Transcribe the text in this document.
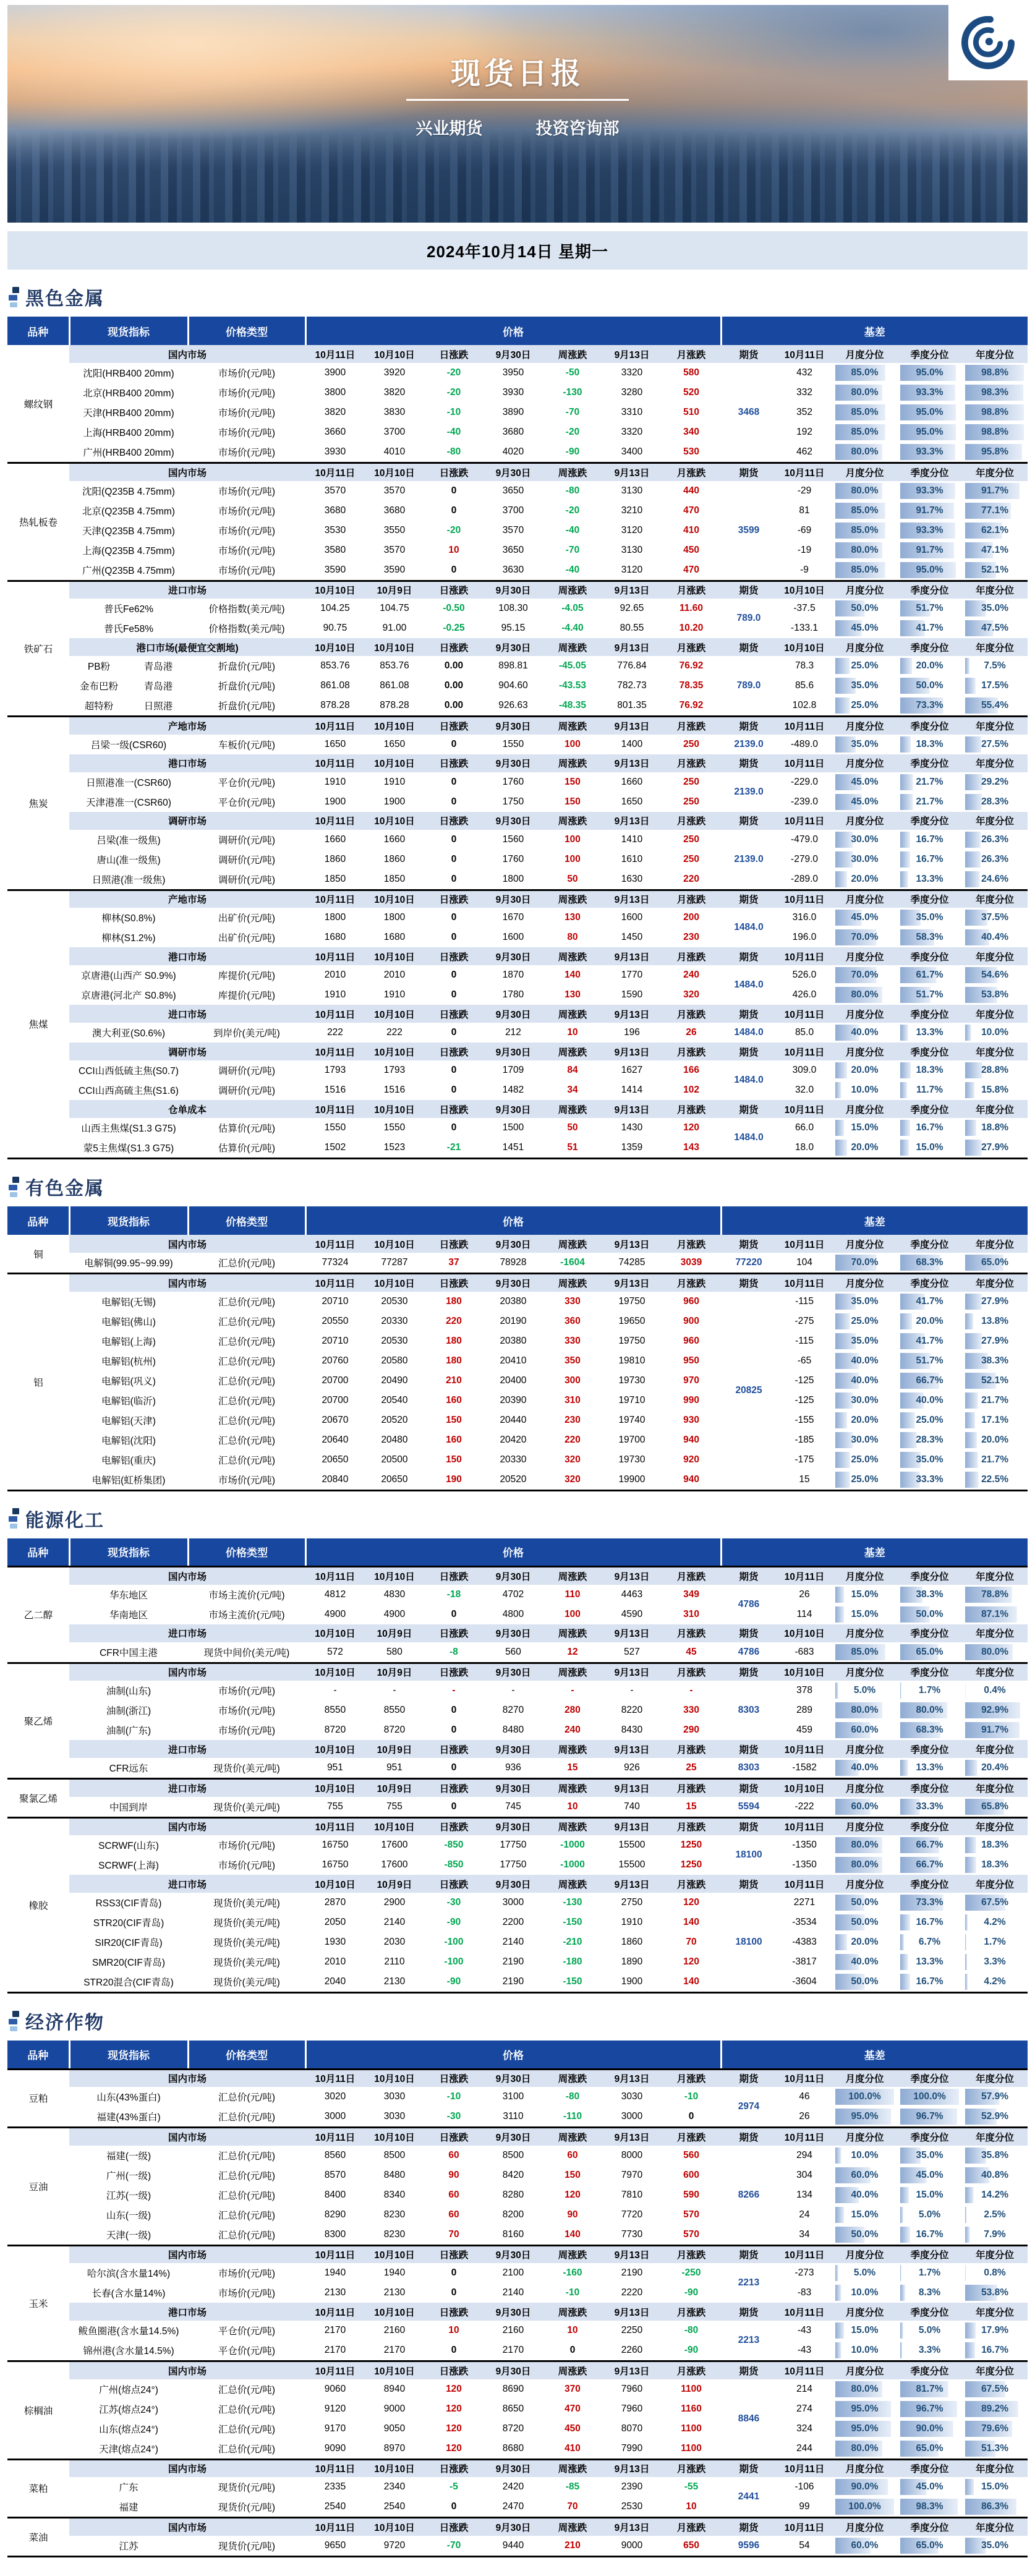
现货日报
兴业期货	投资咨询部
2024年10月14日 星期一
黑色金属
品种	现货指标	价格类型	价格							基差				
螺纹钢	国内市场		10月11日	10月10日	日涨跌	9月30日	周涨跌	9月13日	月涨跌	期货	10月11日	月度分位	季度分位	年度分位
	沈阳(HRB400 20mm)	市场价(元/吨)	3900	3920	-20	3950	-50	3320	580	3468	432	85.0%	95.0%	98.8%

	北京(HRB400 20mm)	市场价(元/吨)	3800	3820	-20	3930	-130	3280	520		332	80.0%	93.3%	98.3%

	天津(HRB400 20mm)	市场价(元/吨)	3820	3830	-10	3890	-70	3310	510		352	85.0%	95.0%	98.8%

	上海(HRB400 20mm)	市场价(元/吨)	3660	3700	-40	3680	-20	3320	340		192	85.0%	95.0%	98.8%

	广州(HRB400 20mm)	市场价(元/吨)	3930	4010	-80	4020	-90	3400	530		462	80.0%	93.3%	95.8%

热轧板卷	国内市场		10月11日	10月10日	日涨跌	9月30日	周涨跌	9月13日	月涨跌	期货	10月11日	月度分位	季度分位	年度分位
	沈阳(Q235B 4.75mm)	市场价(元/吨)	3570	3570	0	3650	-80	3130	440	3599	-29	80.0%	93.3%	91.7%

	北京(Q235B 4.75mm)	市场价(元/吨)	3680	3680	0	3700	-20	3210	470		81	85.0%	91.7%	77.1%

	天津(Q235B 4.75mm)	市场价(元/吨)	3530	3550	-20	3570	-40	3120	410		-69	85.0%	93.3%	62.1%

	上海(Q235B 4.75mm)	市场价(元/吨)	3580	3570	10	3650	-70	3130	450		-19	80.0%	91.7%	47.1%

	广州(Q235B 4.75mm)	市场价(元/吨)	3590	3590	0	3630	-40	3120	470		-9	85.0%	95.0%	52.1%

铁矿石	进口市场		10月10日	10月9日	日涨跌	9月30日	周涨跌	9月13日	月涨跌	期货	10月10日	月度分位	季度分位	年度分位
	普氏Fe62%	价格指数(美元/吨)	104.25	104.75	-0.50	108.30	-4.05	92.65	11.60	789.0	-37.5	50.0%	51.7%	35.0%

	普氏Fe58%	价格指数(美元/吨)	90.75	91.00	-0.25	95.15	-4.40	80.55	10.20		-133.1	45.0%	41.7%	47.5%

	港口市场(最便宜交割地)		10月10日	10月10日	日涨跌	9月30日	周涨跌	9月13日	月涨跌	期货	10月10日	月度分位	季度分位	年度分位

	PB粉 青岛港	折盘价(元/吨)	853.76	853.76	0.00	898.81	-45.05	776.84	76.92	789.0	78.3	25.0%	20.0%	7.5%

	金布巴粉 青岛港	折盘价(元/吨)	861.08	861.08	0.00	904.60	-43.53	782.73	78.35		85.6	35.0%	50.0%	17.5%

	超特粉 日照港	折盘价(元/吨)	878.28	878.28	0.00	926.63	-48.35	801.35	76.92		102.8	25.0%	73.3%	55.4%

焦炭	产地市场		10月11日	10月10日	日涨跌	9月30日	周涨跌	9月13日	月涨跌	期货	10月11日	月度分位	季度分位	年度分位
	吕梁一级(CSR60)	车板价(元/吨)	1650	1650	0	1550	100	1400	250	2139.0	-489.0	35.0%	18.3%	27.5%

	港口市场		10月11日	10月10日	日涨跌	9月30日	周涨跌	9月13日	月涨跌	期货	10月11日	月度分位	季度分位	年度分位
	日照港准一(CSR60)	平仓价(元/吨)	1910	1910	0	1760	150	1660	250	2139.0	-229.0	45.0%	21.7%	29.2%

	天津港准一(CSR60)	平仓价(元/吨)	1900	1900	0	1750	150	1650	250		-239.0	45.0%	21.7%	28.3%

	调研市场		10月11日	10月10日	日涨跌	9月30日	周涨跌	9月13日	月涨跌	期货	10月11日	月度分位	季度分位	年度分位
	吕梁(准一级焦)	调研价(元/吨)	1660	1660	0	1560	100	1410	250	2139.0	-479.0	30.0%	16.7%	26.3%

	唐山(准一级焦)	调研价(元/吨)	1860	1860	0	1760	100	1610	250		-279.0	30.0%	16.7%	26.3%

	日照港(准一级焦)	调研价(元/吨)	1850	1850	0	1800	50	1630	220		-289.0	20.0%	13.3%	24.6%

焦煤	产地市场		10月11日	10月10日	日涨跌	9月30日	周涨跌	9月13日	月涨跌	期货	10月11日	月度分位	季度分位	年度分位
	柳林(S0.8%)	出矿价(元/吨)	1800	1800	0	1670	130	1600	200	1484.0	316.0	45.0%	35.0%	37.5%

	柳林(S1.2%)	出矿价(元/吨)	1680	1680	0	1600	80	1450	230		196.0	70.0%	58.3%	40.4%

	港口市场		10月11日	10月10日	日涨跌	9月30日	周涨跌	9月13日	月涨跌	期货	10月11日	月度分位	季度分位	年度分位
	京唐港(山西产 S0.9%)	库提价(元/吨)	2010	2010	0	1870	140	1770	240	1484.0	526.0	70.0%	61.7%	54.6%

	京唐港(河北产 S0.8%)	库提价(元/吨)	1910	1910	0	1780	130	1590	320		426.0	80.0%	51.7%	53.8%

	进口市场		10月11日	10月10日	日涨跌	9月30日	周涨跌	9月13日	月涨跌	期货	10月11日	月度分位	季度分位	年度分位
	澳大利亚(S0.6%)	到岸价(美元/吨)	222	222	0	212	10	196	26	1484.0	85.0	40.0%	13.3%	10.0%

	调研市场		10月11日	10月10日	日涨跌	9月30日	周涨跌	9月13日	月涨跌	期货	10月11日	月度分位	季度分位	年度分位
	CCI山西低硫主焦(S0.7)	调研价(元/吨)	1793	1793	0	1709	84	1627	166	1484.0	309.0	20.0%	18.3%	28.8%

	CCI山西高硫主焦(S1.6)	调研价(元/吨)	1516	1516	0	1482	34	1414	102		32.0	10.0%	11.7%	15.8%

	仓单成本		10月11日	10月10日	日涨跌	9月30日	周涨跌	9月13日	月涨跌	期货	10月11日	月度分位	季度分位	年度分位
	山西主焦煤(S1.3 G75)	估算价(元/吨)	1550	1550	0	1500	50	1430	120	1484.0	66.0	15.0%	16.7%	18.8%

	蒙5主焦煤(S1.3 G75)	估算价(元/吨)	1502	1523	-21	1451	51	1359	143		18.0	20.0%	15.0%	27.9%
有色金属
品种	现货指标	价格类型	价格							基差				
铜	国内市场		10月11日	10月10日	日涨跌	9月30日	周涨跌	9月13日	月涨跌	期货	10月11日	月度分位	季度分位	年度分位
	电解铜(99.95~99.99)	汇总价(元/吨)	77324	77287	37	78928	-1604	74285	3039	77220	104	70.0%	68.3%	65.0%

铝	国内市场		10月11日	10月10日	日涨跌	9月30日	周涨跌	9月13日	月涨跌	期货	10月11日	月度分位	季度分位	年度分位
	电解铝(无锡)	汇总价(元/吨)	20710	20530	180	20380	330	19750	960	20825	-115	35.0%	41.7%	27.9%

	电解铝(佛山)	汇总价(元/吨)	20550	20330	220	20190	360	19650	900		-275	25.0%	20.0%	13.8%

	电解铝(上海)	汇总价(元/吨)	20710	20530	180	20380	330	19750	960		-115	35.0%	41.7%	27.9%

	电解铝(杭州)	汇总价(元/吨)	20760	20580	180	20410	350	19810	950		-65	40.0%	51.7%	38.3%

	电解铝(巩义)	汇总价(元/吨)	20700	20490	210	20400	300	19730	970		-125	40.0%	66.7%	52.1%

	电解铝(临沂)	汇总价(元/吨)	20700	20540	160	20390	310	19710	990		-125	30.0%	40.0%	21.7%

	电解铝(天津)	汇总价(元/吨)	20670	20520	150	20440	230	19740	930		-155	20.0%	25.0%	17.1%

	电解铝(沈阳)	汇总价(元/吨)	20640	20480	160	20420	220	19700	940		-185	30.0%	28.3%	20.0%

	电解铝(重庆)	汇总价(元/吨)	20650	20500	150	20330	320	19730	920		-175	25.0%	35.0%	21.7%

	电解铝(虹桥集团)	市场价(元/吨)	20840	20650	190	20520	320	19900	940		15	25.0%	33.3%	22.5%
能源化工
品种	现货指标	价格类型	价格							基差				
乙二醇	国内市场		10月11日	10月10日	日涨跌	9月30日	周涨跌	9月13日	月涨跌	期货	10月11日	月度分位	季度分位	年度分位
	华东地区	市场主流价(元/吨)	4812	4830	-18	4702	110	4463	349	4786	26	15.0%	38.3%	78.8%

	华南地区	市场主流价(元/吨)	4900	4900	0	4800	100	4590	310		114	15.0%	50.0%	87.1%

	进口市场		10月10日	10月9日	日涨跌	9月30日	周涨跌	9月13日	月涨跌	期货	10月10日	月度分位	季度分位	年度分位
	CFR中国主港	现货中间价(美元/吨)	572	580	-8	560	12	527	45	4786	-683	85.0%	65.0%	80.0%

聚乙烯	国内市场		10月10日	10月9日	日涨跌	9月30日	周涨跌	9月13日	月涨跌	期货	10月10日	月度分位	季度分位	年度分位
	油制(山东)	市场价(元/吨)	-	-	-	-	-	-	-	8303	378	5.0%	1.7%	0.4%

	油制(浙江)	市场价(元/吨)	8550	8550	0	8270	280	8220	330		289	80.0%	80.0%	92.9%

	油制(广东)	市场价(元/吨)	8720	8720	0	8480	240	8430	290		459	60.0%	68.3%	91.7%

	进口市场		10月10日	10月9日	日涨跌	9月30日	周涨跌	9月13日	月涨跌	期货	10月11日	月度分位	季度分位	年度分位
	CFR远东	现货价(美元/吨)	951	951	0	936	15	926	25	8303	-1582	40.0%	13.3%	20.4%

聚氯乙烯	进口市场		10月10日	10月9日	日涨跌	9月30日	周涨跌	9月13日	月涨跌	期货	10月10日	月度分位	季度分位	年度分位
	中国到岸	现货价(美元/吨)	755	755	0	745	10	740	15	5594	-222	60.0%	33.3%	65.8%

橡胶	国内市场		10月11日	10月10日	日涨跌	9月30日	周涨跌	9月13日	月涨跌	期货	10月11日	月度分位	季度分位	年度分位
	SCRWF(山东)	市场价(元/吨)	16750	17600	-850	17750	-1000	15500	1250	18100	-1350	80.0%	66.7%	18.3%

	SCRWF(上海)	市场价(元/吨)	16750	17600	-850	17750	-1000	15500	1250		-1350	80.0%	66.7%	18.3%

	进口市场		10月10日	10月9日	日涨跌	9月30日	周涨跌	9月13日	月涨跌	期货	10月11日	月度分位	季度分位	年度分位
	RSS3(CIF青岛)	现货价(美元/吨)	2870	2900	-30	3000	-130	2750	120	18100	2271	50.0%	73.3%	67.5%

	STR20(CIF青岛)	现货价(美元/吨)	2050	2140	-90	2200	-150	1910	140		-3534	50.0%	16.7%	4.2%

	SIR20(CIF青岛)	现货价(美元/吨)	1930	2030	-100	2140	-210	1860	70		-4383	20.0%	6.7%	1.7%

	SMR20(CIF青岛)	现货价(美元/吨)	2010	2110	-100	2190	-180	1890	120		-3817	40.0%	13.3%	3.3%

	STR20混合(CIF青岛)	现货价(美元/吨)	2040	2130	-90	2190	-150	1900	140		-3604	50.0%	16.7%	4.2%
经济作物
品种	现货指标	价格类型	价格							基差				
豆粕	国内市场		10月11日	10月10日	日涨跌	9月30日	周涨跌	9月13日	月涨跌	期货	10月11日	月度分位	季度分位	年度分位
	山东(43%蛋白)	汇总价(元/吨)	3020	3030	-10	3100	-80	3030	-10	2974	46	100.0%	100.0%	57.9%

	福建(43%蛋白)	汇总价(元/吨)	3000	3030	-30	3110	-110	3000	0		26	95.0%	96.7%	52.9%

豆油	国内市场		10月11日	10月10日	日涨跌	9月30日	周涨跌	9月13日	月涨跌	期货	10月11日	月度分位	季度分位	年度分位
	福建(一级)	汇总价(元/吨)	8560	8500	60	8500	60	8000	560	8266	294	10.0%	35.0%	35.8%

	广州(一级)	汇总价(元/吨)	8570	8480	90	8420	150	7970	600		304	60.0%	45.0%	40.8%

	江苏(一级)	汇总价(元/吨)	8400	8340	60	8280	120	7810	590		134	40.0%	15.0%	14.2%

	山东(一级)	汇总价(元/吨)	8290	8230	60	8200	90	7720	570		24	15.0%	5.0%	2.5%

	天津(一级)	汇总价(元/吨)	8300	8230	70	8160	140	7730	570		34	50.0%	16.7%	7.9%

玉米	国内市场		10月11日	10月10日	日涨跌	9月30日	周涨跌	9月13日	月涨跌	期货	10月11日	月度分位	季度分位	年度分位
	哈尔滨(含水量14%)	市场价(元/吨)	1940	1940	0	2100	-160	2190	-250	2213	-273	5.0%	1.7%	0.8%

	长春(含水量14%)	市场价(元/吨)	2130	2130	0	2140	-10	2220	-90		-83	10.0%	8.3%	53.8%

	港口市场		10月11日	10月10日	日涨跌	9月30日	周涨跌	9月13日	月涨跌	期货	10月11日	月度分位	季度分位	年度分位
	鲅鱼圈港(含水量14.5%)	平仓价(元/吨)	2170	2160	10	2160	10	2250	-80	2213	-43	15.0%	5.0%	17.9%

	锦州港(含水量14.5%)	平仓价(元/吨)	2170	2170	0	2170	0	2260	-90		-43	10.0%	3.3%	16.7%

棕榈油	国内市场		10月11日	10月10日	日涨跌	9月30日	周涨跌	9月13日	月涨跌	期货	10月11日	月度分位	季度分位	年度分位
	广州(熔点24°)	汇总价(元/吨)	9060	8940	120	8690	370	7960	1100	8846	214	80.0%	81.7%	67.5%

	江苏(熔点24°)	汇总价(元/吨)	9120	9000	120	8650	470	7960	1160		274	95.0%	96.7%	89.2%

	山东(熔点24°)	汇总价(元/吨)	9170	9050	120	8720	450	8070	1100		324	95.0%	90.0%	79.6%

	天津(熔点24°)	汇总价(元/吨)	9090	8970	120	8680	410	7990	1100		244	80.0%	65.0%	51.3%

菜粕	国内市场		10月11日	10月10日	日涨跌	9月30日	周涨跌	9月13日	月涨跌	期货	10月11日	月度分位	季度分位	年度分位
	广东	现货价(元/吨)	2335	2340	-5	2420	-85	2390	-55	2441	-106	90.0%	45.0%	15.0%

	福建	现货价(元/吨)	2540	2540	0	2470	70	2530	10		99	100.0%	98.3%	86.3%

菜油	国内市场		10月11日	10月10日	日涨跌	9月30日	周涨跌	9月13日	月涨跌	期货	10月11日	月度分位	季度分位	年度分位
	江苏	现货价(元/吨)	9650	9720	-70	9440	210	9000	650	9596	54	60.0%	65.0%	35.0%
